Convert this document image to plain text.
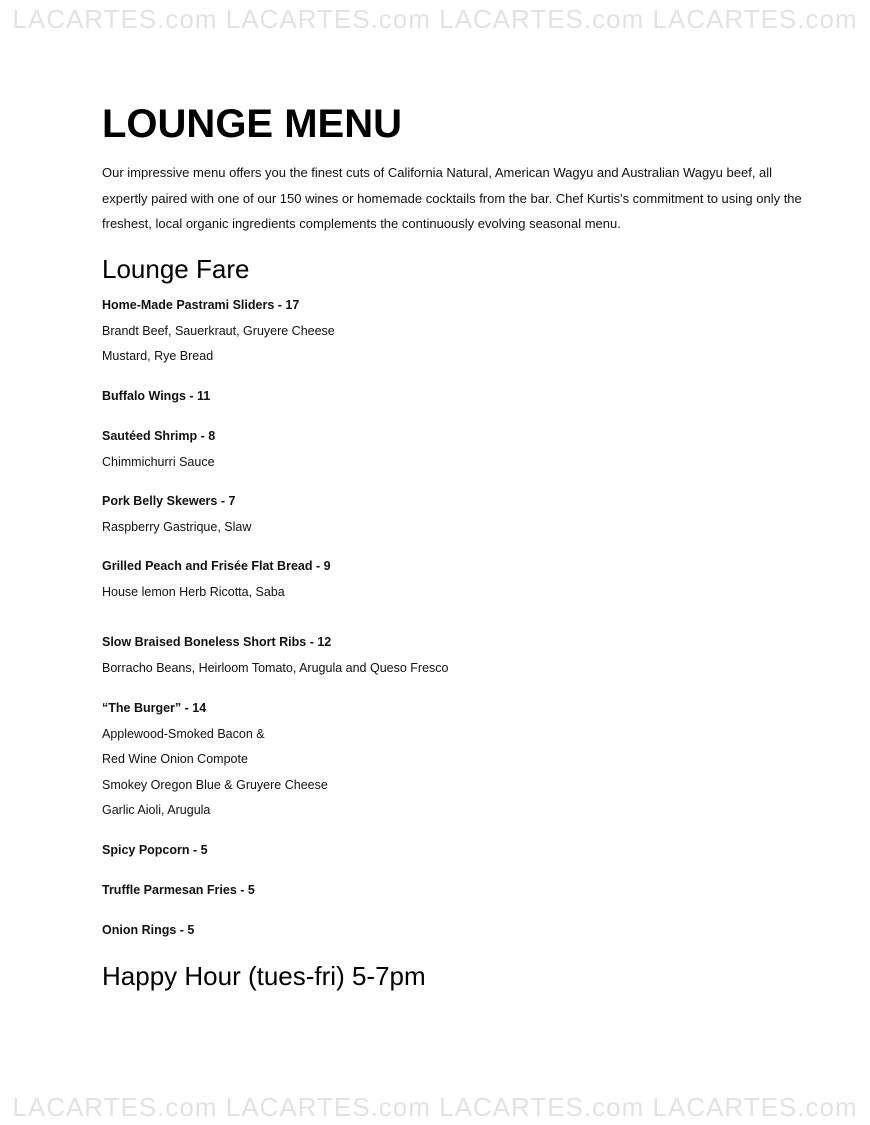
LACARTES.com LACARTES.com LACARTES.com LACARTES.com
LOUNGE MENU

Our impressive menu offers you the finest cuts of California Natural, American Wagyu and Australian Wagyu beef, all expertly paired with one of our 150 wines or homemade cocktails from the bar. Chef Kurtis's commitment to using only the freshest, local organic ingredients complements the continuously evolving seasonal menu.

Lounge Fare
Home-Made Pastrami Sliders - 17
Brandt Beef, Sauerkraut, Gruyere Cheese
Mustard, Rye Bread
Buffalo Wings - 11
Sautéed Shrimp - 8
Chimmichurri Sauce
Pork Belly Skewers - 7
Raspberry Gastrique, Slaw
Grilled Peach and Frisée Flat Bread - 9
House lemon Herb Ricotta, Saba
Slow Braised Boneless Short Ribs - 12
Borracho Beans, Heirloom Tomato, Arugula and Queso Fresco
“The Burger” - 14
Applewood-Smoked Bacon &
Red Wine Onion Compote
Smokey Oregon Blue & Gruyere Cheese
Garlic Aioli, Arugula
Spicy Popcorn - 5
Truffle Parmesan Fries - 5
Onion Rings - 5
Happy Hour (tues-fri) 5-7pm
LACARTES.com LACARTES.com LACARTES.com LACARTES.com
